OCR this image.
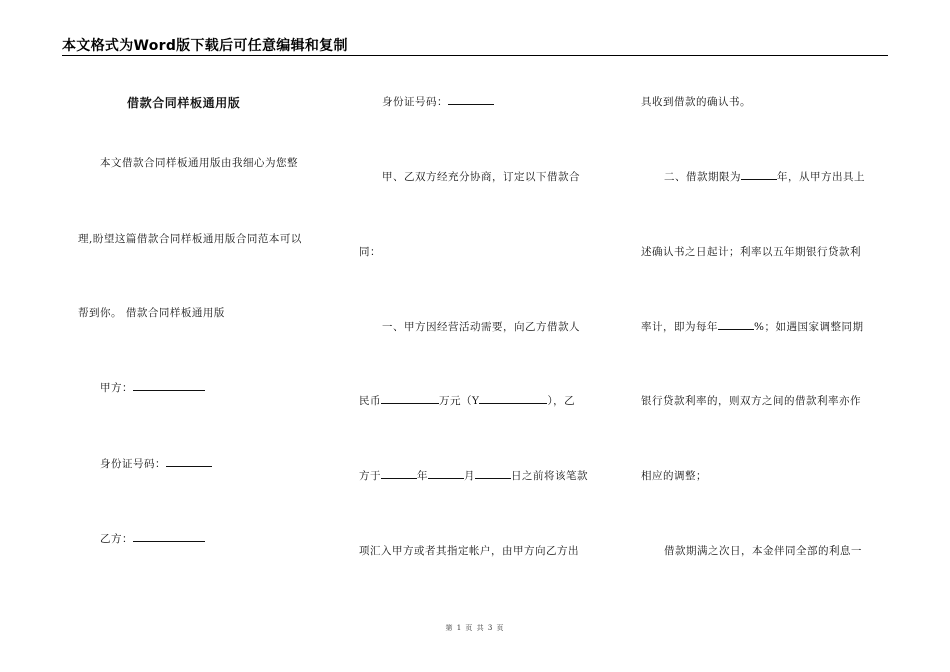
本文格式为Word版下载后可任意编辑和复制
借款合同样板通用版
本文借款合同样板通用版由我细心为您整
理,盼望这篇借款合同样板通用版合同范本可以
帮到你。 借款合同样板通用版
甲方：
身份证号码：
乙方：
身份证号码：
甲、乙双方经充分协商，订定以下借款合
同：
一、甲方因经营活动需要，向乙方借款人
民币	万元（Y	），乙
方于	年	月	日之前将该笔款
项汇入甲方或者其指定帐户，由甲方向乙方出
具收到借款的确认书。
二、借款期限为	年，从甲方出具上
述确认书之日起计；利率以五年期银行贷款利
率计，即为每年	%；如遇国家调整同期
银行贷款利率的，则双方之间的借款利率亦作
相应的调整；
借款期满之次日，本金伴同全部的利息一
第 1 页 共 3 页
